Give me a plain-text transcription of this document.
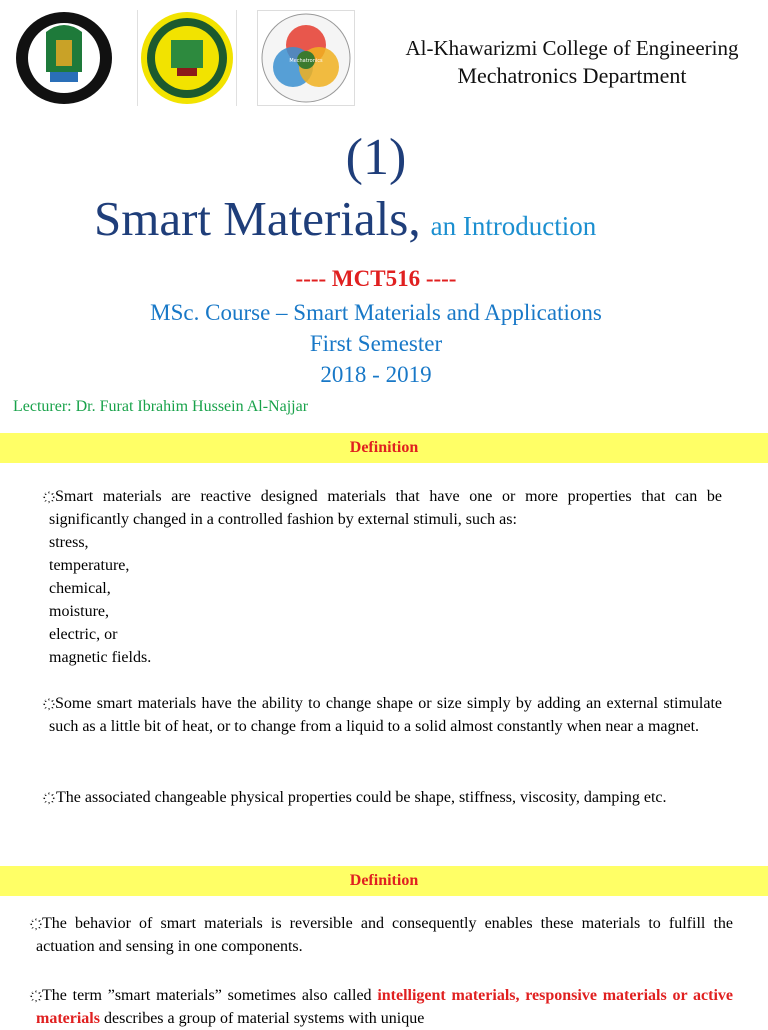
Mechatronics
Al-Khawarizmi College of Engineering
Mechatronics Department
(1)
Smart Materials, an Introduction
---- MCT516 ----
MSc. Course – Smart Materials and Applications
First Semester
2018 - 2019
Lecturer: Dr. Furat Ibrahim Hussein Al-Najjar
Definition
Smart materials are reactive designed materials that have one or more properties that can be significantly changed in a controlled fashion by external stimuli, such as:
stress,
temperature,
chemical,
moisture,
electric, or
magnetic fields.
Some smart materials have the ability to change shape or size simply by adding an external stimulate such as a little bit of heat, or to change from a liquid to a solid almost constantly when near a magnet.
The associated changeable physical properties could be shape, stiffness, viscosity, damping etc.
Definition
The behavior of smart materials is reversible and consequently enables these materials to fulfill the actuation and sensing in one components.
The term ”smart materials” sometimes also called intelligent materials, responsive materials or active materials describes a group of material systems with unique
